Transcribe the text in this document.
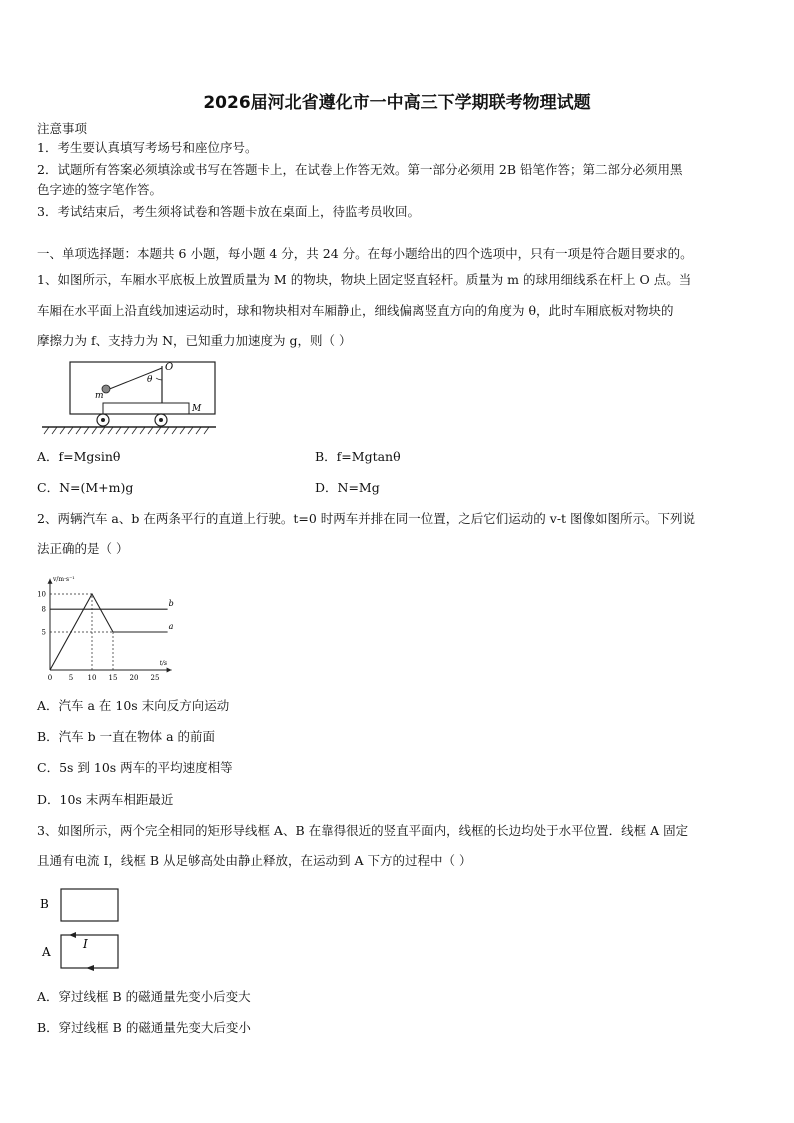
2026届河北省遵化市一中高三下学期联考物理试题
注意事项
1．考生要认真填写考场号和座位序号。
2．试题所有答案必须填涂或书写在答题卡上，在试卷上作答无效。第一部分必须用 2B 铅笔作答；第二部分必须用黑
色字迹的签字笔作答。
3．考试结束后，考生须将试卷和答题卡放在桌面上，待监考员收回。
一、单项选择题：本题共 6 小题，每小题 4 分，共 24 分。在每小题给出的四个选项中，只有一项是符合题目要求的。
1、如图所示，车厢水平底板上放置质量为 M 的物块，物块上固定竖直轻杆。质量为 m 的球用细线系在杆上 O 点。当
车厢在水平面上沿直线加速运动时，球和物块相对车厢静止，细线偏离竖直方向的角度为 θ，此时车厢底板对物块的
摩擦力为 f、支持力为 N，已知重力加速度为 g，则（ ）
O
θ
m
M
A．f=Mgsinθ	B．f=Mgtanθ
C．N=(M+m)g	D．N=Mg
2、两辆汽车 a、b 在两条平行的直道上行驶。t=0 时两车并排在同一位置，之后它们运动的 v-t 图像如图所示。下列说
法正确的是（ ）
a
b
0 5 10 15 20 25
5
8
10
v/m·s⁻¹
t/s
A．汽车 a 在 10s 末向反方向运动
B．汽车 b 一直在物体 a 的前面
C．5s 到 10s 两车的平均速度相等
D．10s 末两车相距最近
3、如图所示，两个完全相同的矩形导线框 A、B 在靠得很近的竖直平面内，线框的长边均处于水平位置．线框 A 固定
且通有电流 I，线框 B 从足够高处由静止释放，在运动到 A 下方的过程中（ ）
B
A
I
A．穿过线框 B 的磁通量先变小后变大
B．穿过线框 B 的磁通量先变大后变小
